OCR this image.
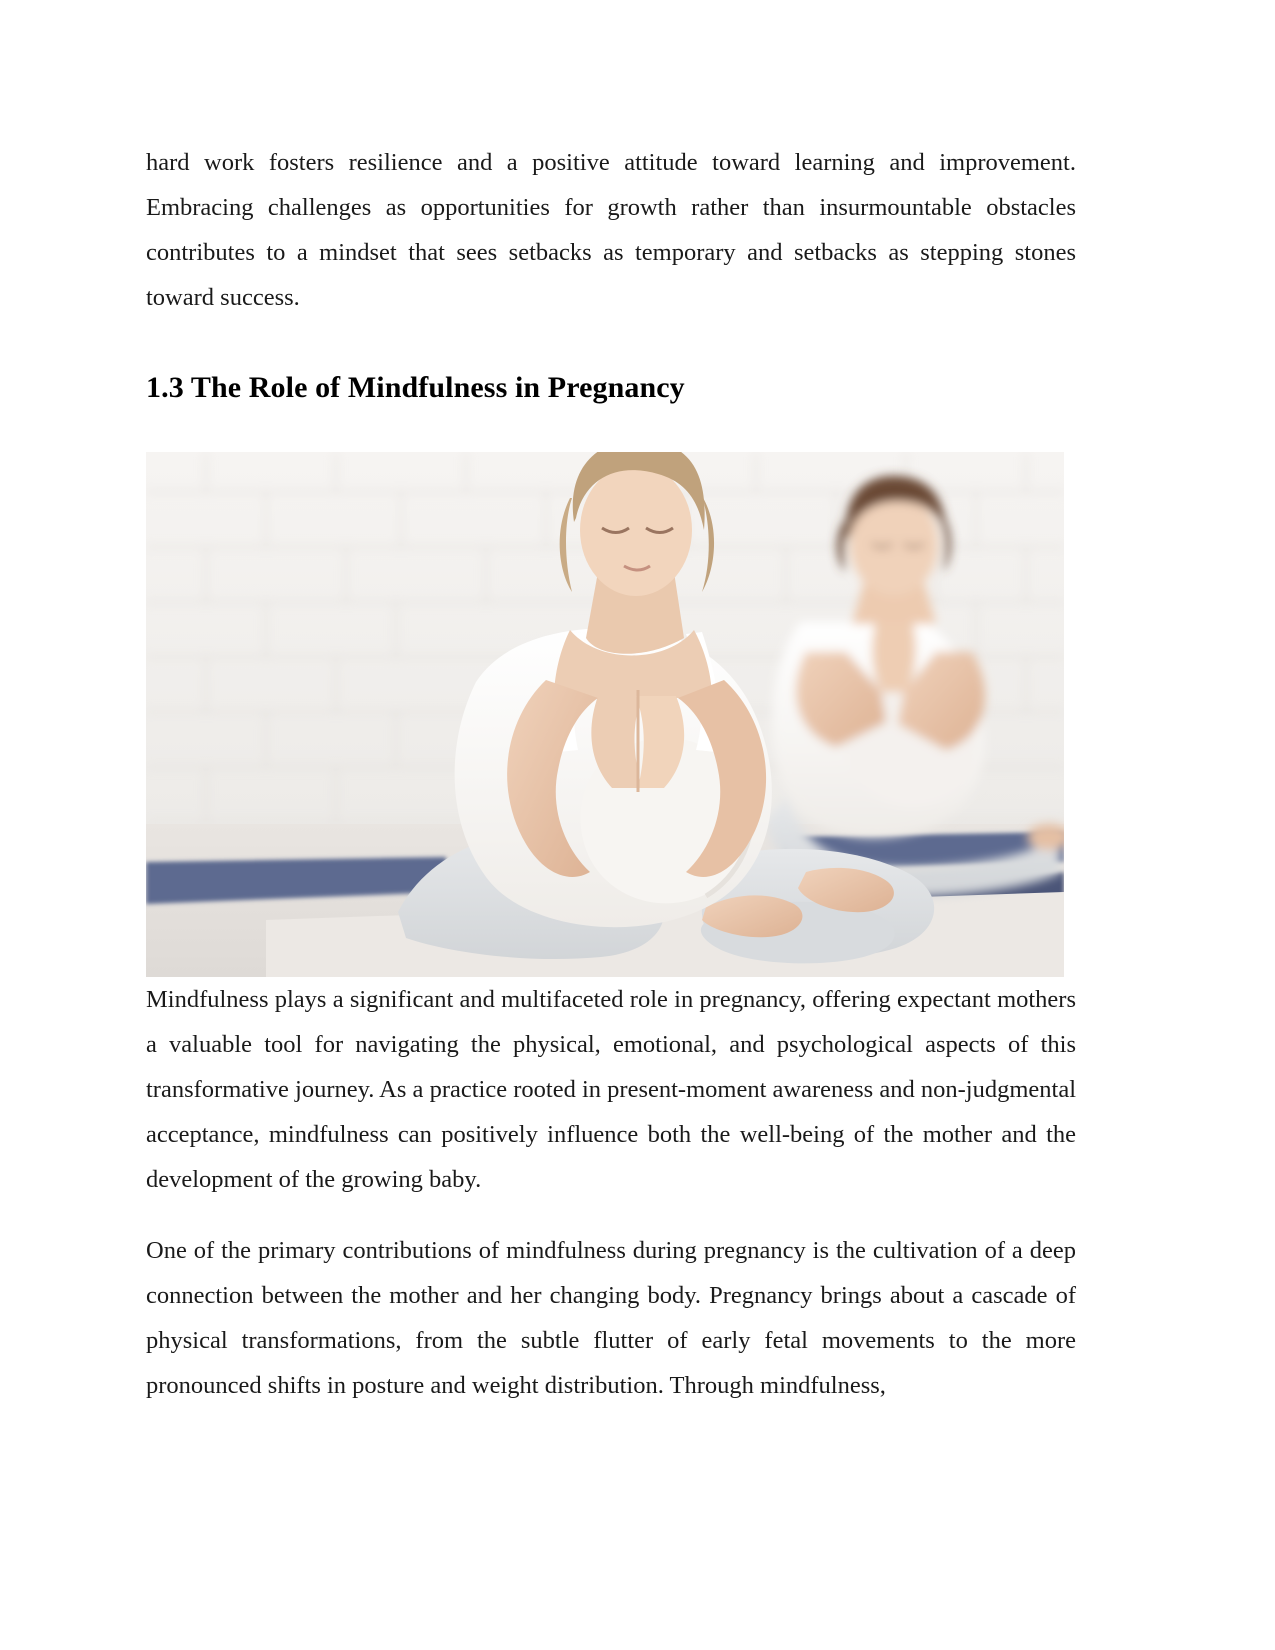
hard work fosters resilience and a positive attitude toward learning and improvement. Embracing challenges as opportunities for growth rather than insurmountable obstacles contributes to a mindset that sees setbacks as temporary and setbacks as stepping stones toward success.

1.3 The Role of Mindfulness in Pregnancy

Mindfulness plays a significant and multifaceted role in pregnancy, offering expectant mothers a valuable tool for navigating the physical, emotional, and psychological aspects of this transformative journey. As a practice rooted in present-moment awareness and non-judgmental acceptance, mindfulness can positively influence both the well-being of the mother and the development of the growing baby.

One of the primary contributions of mindfulness during pregnancy is the cultivation of a deep connection between the mother and her changing body. Pregnancy brings about a cascade of physical transformations, from the subtle flutter of early fetal movements to the more pronounced shifts in posture and weight distribution. Through mindfulness,
